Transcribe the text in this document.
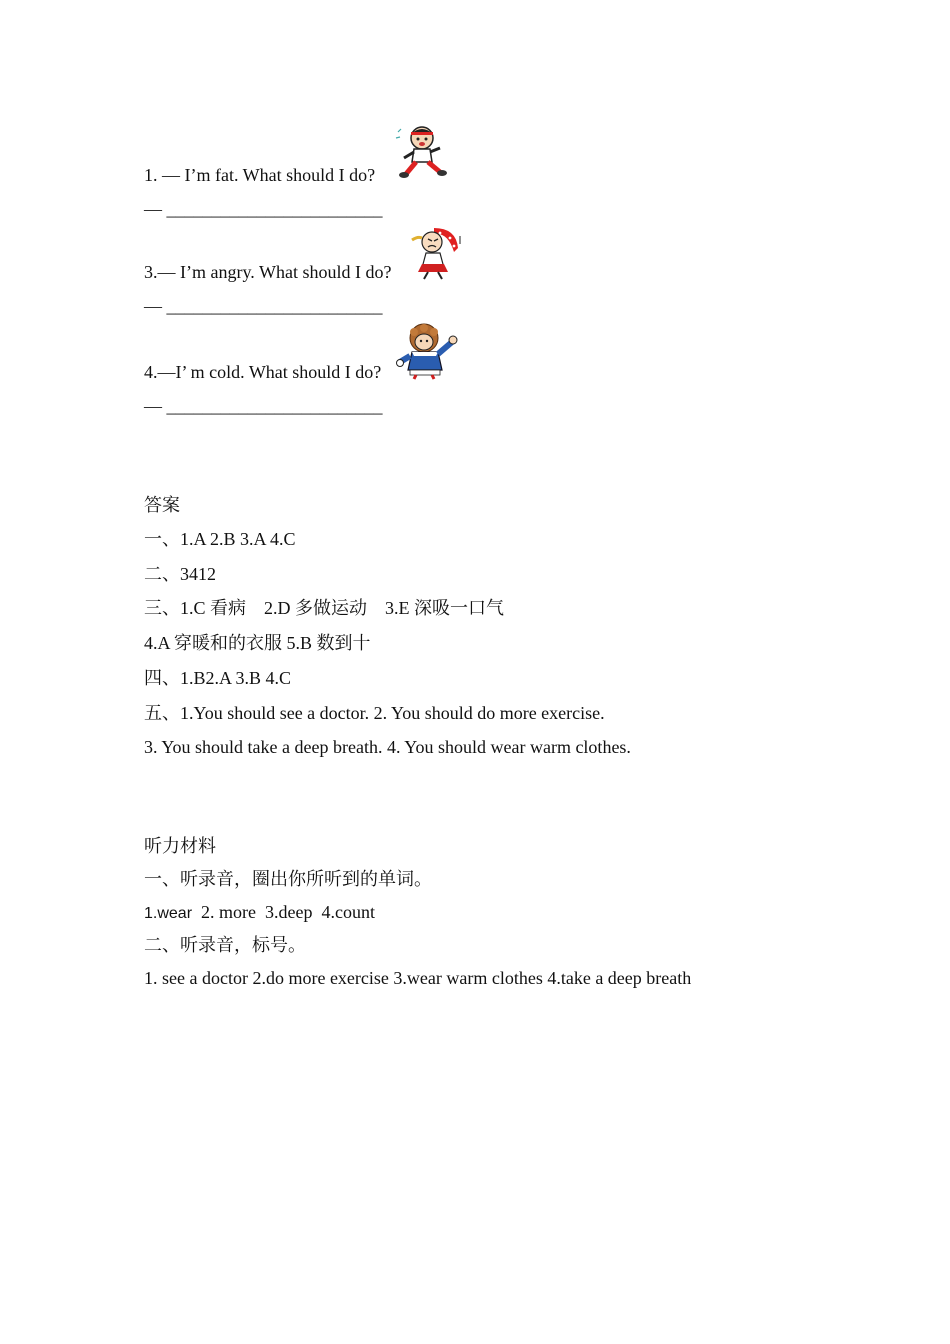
1. — I’m fat. What should I do?
— ________________________
3.— I’m angry. What should I do?
— ________________________
4.—I’ m cold. What should I do?
— ________________________
答案
一、1.A 2.B 3.A 4.C
二、3412
三、1.C 看病　2.D 多做运动　3.E 深吸一口气
4.A 穿暖和的衣服 5.B 数到十
四、1.B2.A 3.B 4.C
五、1.You should see a doctor. 2. You should do more exercise.
3. You should take a deep breath. 4. You should wear warm clothes.
听力材料
一、听录音，圈出你所听到的单词。
1.wear  2. more  3.deep  4.count
二、听录音，标号。
1. see a doctor 2.do more exercise 3.wear warm clothes 4.take a deep breath
